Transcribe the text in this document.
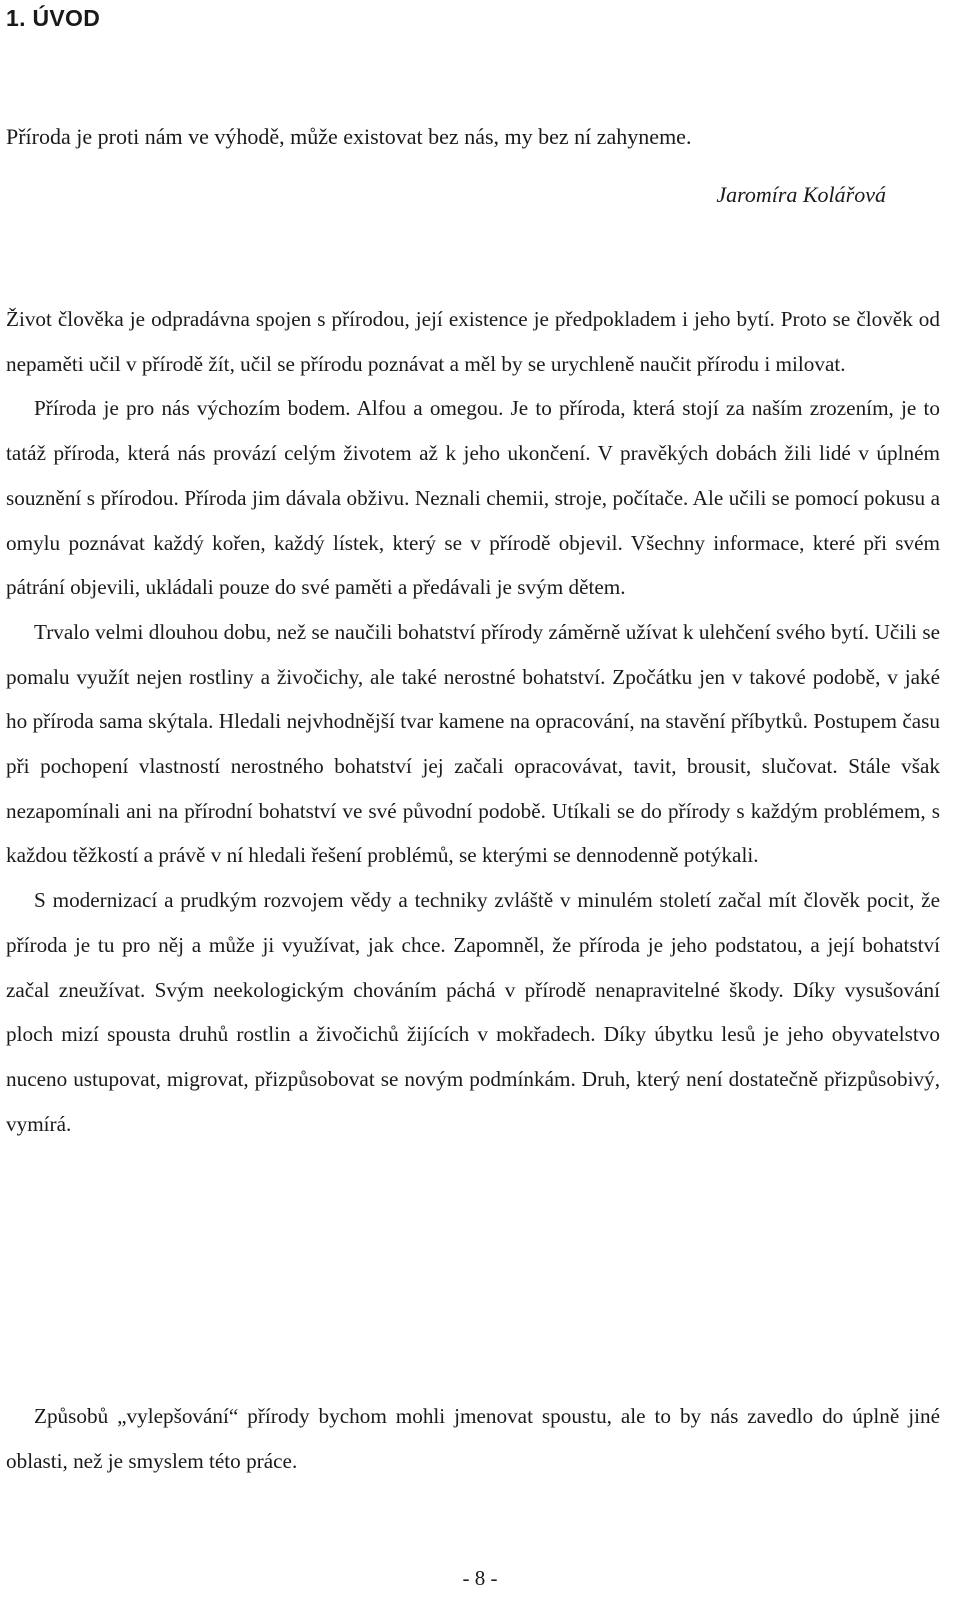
1. ÚVOD
Příroda je proti nám ve výhodě, může existovat bez nás, my bez ní zahyneme.
Jaromíra Kolářová

Život člověka je odpradávna spojen s přírodou, její existence je předpokladem i jeho bytí. Proto se člověk od nepaměti učil v přírodě žít, učil se přírodu poznávat a měl by se urychleně naučit přírodu i milovat.

Příroda je pro nás výchozím bodem. Alfou a omegou. Je to příroda, která stojí za naším zrozením, je to tatáž příroda, která nás provází celým životem až k jeho ukončení. V pravěkých dobách žili lidé v úplném souznění s přírodou. Příroda jim dávala obživu. Neznali chemii, stroje, počítače. Ale učili se pomocí pokusu a omylu poznávat každý kořen, každý lístek, který se v přírodě objevil. Všechny informace, které při svém pátrání objevili, ukládali pouze do své paměti a předávali je svým dětem.

Trvalo velmi dlouhou dobu, než se naučili bohatství přírody záměrně užívat k ulehčení svého bytí. Učili se pomalu využít nejen rostliny a živočichy, ale také nerostné bohatství. Zpočátku jen v takové podobě, v jaké ho příroda sama skýtala. Hledali nejvhodnější tvar kamene na opracování, na stavění příbytků. Postupem času při pochopení vlastností nerostného bohatství jej začali opracovávat, tavit, brousit, slučovat. Stále však nezapomínali ani na přírodní bohatství ve své původní podobě. Utíkali se do přírody s každým problémem, s každou těžkostí a právě v ní hledali řešení problémů, se kterými se dennodenně potýkali.

S modernizací a prudkým rozvojem vědy a techniky zvláště v minulém století začal mít člověk pocit, že příroda je tu pro něj a může ji využívat, jak chce. Zapomněl, že příroda je jeho podstatou, a její bohatství začal zneužívat. Svým neekologickým chováním páchá v přírodě nenapravitelné škody. Díky vysušování ploch mizí spousta druhů rostlin a živočichů žijících v mokřadech. Díky úbytku lesů je jeho obyvatelstvo nuceno ustupovat, migrovat, přizpůsobovat se novým podmínkám. Druh, který není dostatečně přizpůsobivý, vymírá.

Způsobů „vylepšování“ přírody bychom mohli jmenovat spoustu, ale to by nás zavedlo do úplně jiné oblasti, než je smyslem této práce.

- 8 -
